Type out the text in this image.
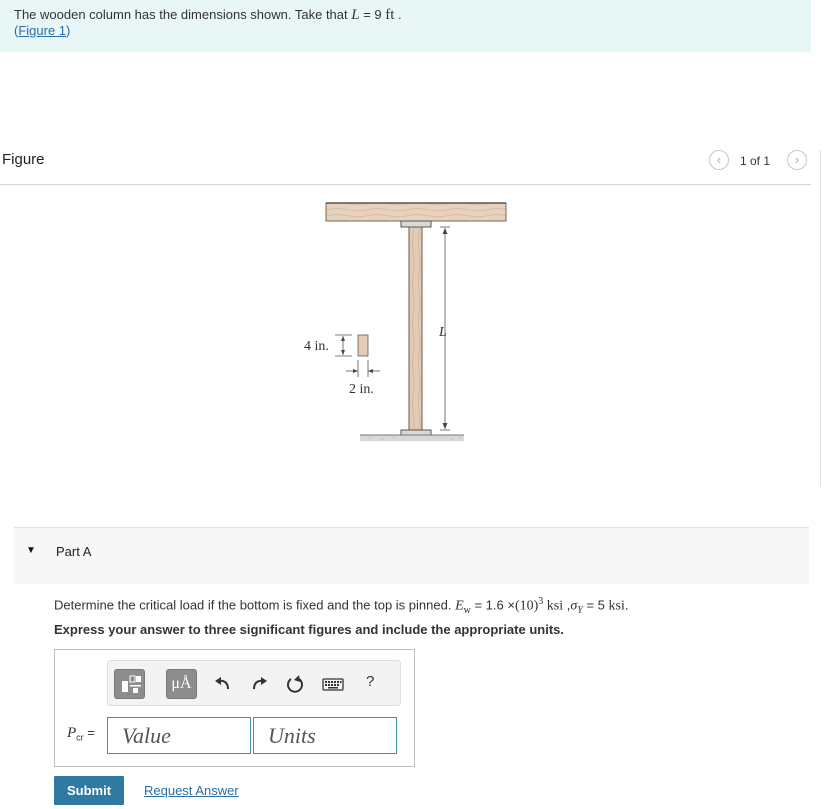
The wooden column has the dimensions shown. Take that L = 9 ft .
(Figure 1)
Figure	‹	1 of 1	›
L
4 in.
2 in.
▼ Part A
Determine the critical load if the bottom is fixed and the top is pinned. $E_w = 1.6 \times(10)^3$ ksi $,\sigma_Y = 5$ ksi.
Express your answer to three significant figures and include the appropriate units.
μÅ	?
$P_{cr}$ =
Value
Units
Submit	Request Answer
